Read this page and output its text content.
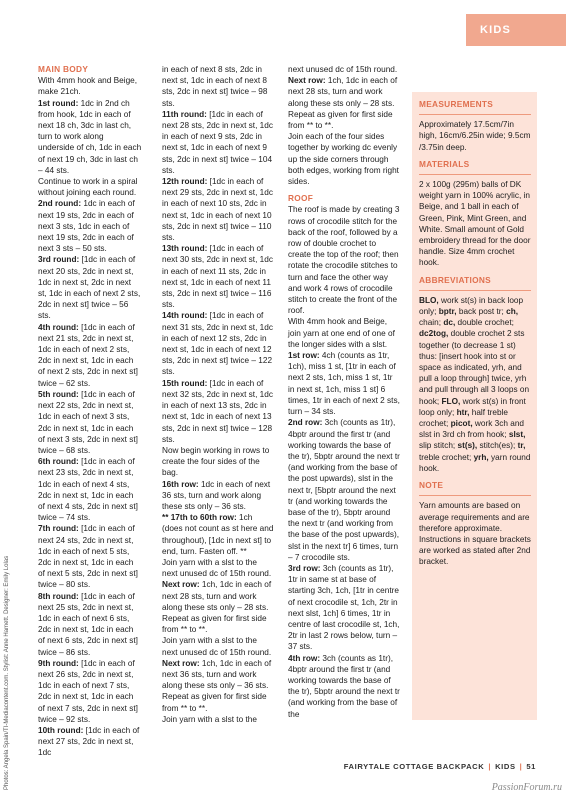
KIDS
MAIN BODY
With 4mm hook and Beige, make 21ch.
1st round: 1dc in 2nd ch from hook, 1dc in each of next 18 ch, 3dc in last ch, turn to work along underside of ch, 1dc in each of next 19 ch, 3dc in last ch – 44 sts.
Continue to work in a spiral without joining each round.
2nd round: 1dc in each of next 19 sts, 2dc in each of next 3 sts, 1dc in each of next 19 sts, 2dc in each of next 3 sts – 50 sts.
3rd round: [1dc in each of next 20 sts, 2dc in next st, 1dc in next st, 2dc in next st, 1dc in each of next 2 sts, 2dc in next st] twice – 56 sts.
4th round: [1dc in each of next 21 sts, 2dc in next st, 1dc in each of next 2 sts, 2dc in next st, 1dc in each of next 2 sts, 2dc in next st] twice – 62 sts.
5th round: [1dc in each of next 22 sts, 2dc in next st, 1dc in each of next 3 sts, 2dc in next st, 1dc in each of next 3 sts, 2dc in next st] twice – 68 sts.
6th round: [1dc in each of next 23 sts, 2dc in next st, 1dc in each of next 4 sts, 2dc in next st, 1dc in each of next 4 sts, 2dc in next st] twice – 74 sts.
7th round: [1dc in each of next 24 sts, 2dc in next st, 1dc in each of next 5 sts, 2dc in next st, 1dc in each of next 5 sts, 2dc in next st] twice – 80 sts.
8th round: [1dc in each of next 25 sts, 2dc in next st, 1dc in each of next 6 sts, 2dc in next st, 1dc in each of next 6 sts, 2dc in next st] twice – 86 sts.
9th round: [1dc in each of next 26 sts, 2dc in next st, 1dc in each of next 7 sts, 2dc in next st, 1dc in each of next 7 sts, 2dc in next st] twice – 92 sts.
10th round: [1dc in each of next 27 sts, 2dc in next st, 1dc
in each of next 8 sts, 2dc in next st, 1dc in each of next 8 sts, 2dc in next st] twice – 98 sts.
11th round: [1dc in each of next 28 sts, 2dc in next st, 1dc in each of next 9 sts, 2dc in next st, 1dc in each of next 9 sts, 2dc in next st] twice – 104 sts.
12th round: [1dc in each of next 29 sts, 2dc in next st, 1dc in each of next 10 sts, 2dc in next st, 1dc in each of next 10 sts, 2dc in next st] twice – 110 sts.
13th round: [1dc in each of next 30 sts, 2dc in next st, 1dc in each of next 11 sts, 2dc in next st, 1dc in each of next 11 sts, 2dc in next st] twice – 116 sts.
14th round: [1dc in each of next 31 sts, 2dc in next st, 1dc in each of next 12 sts, 2dc in next st, 1dc in each of next 12 sts, 2dc in next st] twice – 122 sts.
15th round: [1dc in each of next 32 sts, 2dc in next st, 1dc in each of next 13 sts, 2dc in next st, 1dc in each of next 13 sts, 2dc in next st] twice – 128 sts.
Now begin working in rows to create the four sides of the bag.
16th row: 1dc in each of next 36 sts, turn and work along these sts only – 36 sts.
** 17th to 60th row: 1ch (does not count as st here and throughout), [1dc in next st] to end, turn. Fasten off. **
Join yarn with a slst to the next unused dc of 15th round.
Next row: 1ch, 1dc in each of next 28 sts, turn and work along these sts only – 28 sts. Repeat as given for first side from ** to **.
Join yarn with a slst to the next unused dc of 15th round.
Next row: 1ch, 1dc in each of next 36 sts, turn and work along these sts only – 36 sts. Repeat as given for first side from ** to **.
Join yarn with a slst to the
next unused dc of 15th round.
Next row: 1ch, 1dc in each of next 28 sts, turn and work along these sts only – 28 sts. Repeat as given for first side from ** to **.
Join each of the four sides together by working dc evenly up the side corners through both edges, working from right sides.
ROOF
The roof is made by creating 3 rows of crocodile stitch for the back of the roof, followed by a row of double crochet to create the top of the roof; then rotate the crocodile stitches to turn and face the other way and work 4 rows of crocodile stitch to create the front of the roof.
With 4mm hook and Beige, join yarn at one end of one of the longer sides with a slst.
1st row: 4ch (counts as 1tr, 1ch), miss 1 st, [1tr in each of next 2 sts, 1ch, miss 1 st, 1tr in next st, 1ch, miss 1 st] 6 times, 1tr in each of next 2 sts, turn – 34 sts.
2nd row: 3ch (counts as 1tr), 4bptr around the first tr (and working towards the base of the tr), 5bptr around the next tr (and working from the base of the post upwards), slst in the next tr, [5bptr around the next tr (and working towards the base of the tr), 5bptr around the next tr (and working from the base of the post upwards), slst in the next tr] 6 times, turn – 7 crocodile sts.
3rd row: 3ch (counts as 1tr), 1tr in same st at base of starting 3ch, 1ch, [1tr in centre of next crocodile st, 1ch, 2tr in next slst, 1ch] 6 times, 1tr in centre of last crocodile st, 1ch, 2tr in last 2 rows below, turn – 37 sts.
4th row: 3ch (counts as 1tr), 4bptr around the first tr (and working towards the base of the tr), 5bptr around the next tr (and working from the base of the
MEASUREMENTS
Approximately 17.5cm/7in high, 16cm/6.25in wide; 9.5cm /3.75in deep.
MATERIALS
2 x 100g (295m) balls of DK weight yarn in 100% acrylic, in Beige, and 1 ball in each of Green, Pink, Mint Green, and White. Small amount of Gold embroidery thread for the door handle. Size 4mm crochet hook.
ABBREVIATIONS
BLO, work st(s) in back loop only; bptr, back post tr; ch, chain; dc, double crochet; dc2tog, double crochet 2 sts together (to decrease 1 st) thus: [insert hook into st or space as indicated, yrh, and pull a loop through] twice, yrh and pull through all 3 loops on hook; FLO, work st(s) in front loop only; htr, half treble crochet; picot, work 3ch and slst in 3rd ch from hook; slst, slip stitch; st(s), stitch(es); tr, treble crochet; yrh, yarn round hook.
NOTE
Yarn amounts are based on average requirements and are therefore approximate. Instructions in square brackets are worked as stated after 2nd bracket.
Photos: Angela Spain/TI-Mediacontent.com. Stylist: Anne Hamett. Designer: Emily Lolas	FAIRYTALE COTTAGE BACKPACK | KIDS | 51
PassionForum.ru
